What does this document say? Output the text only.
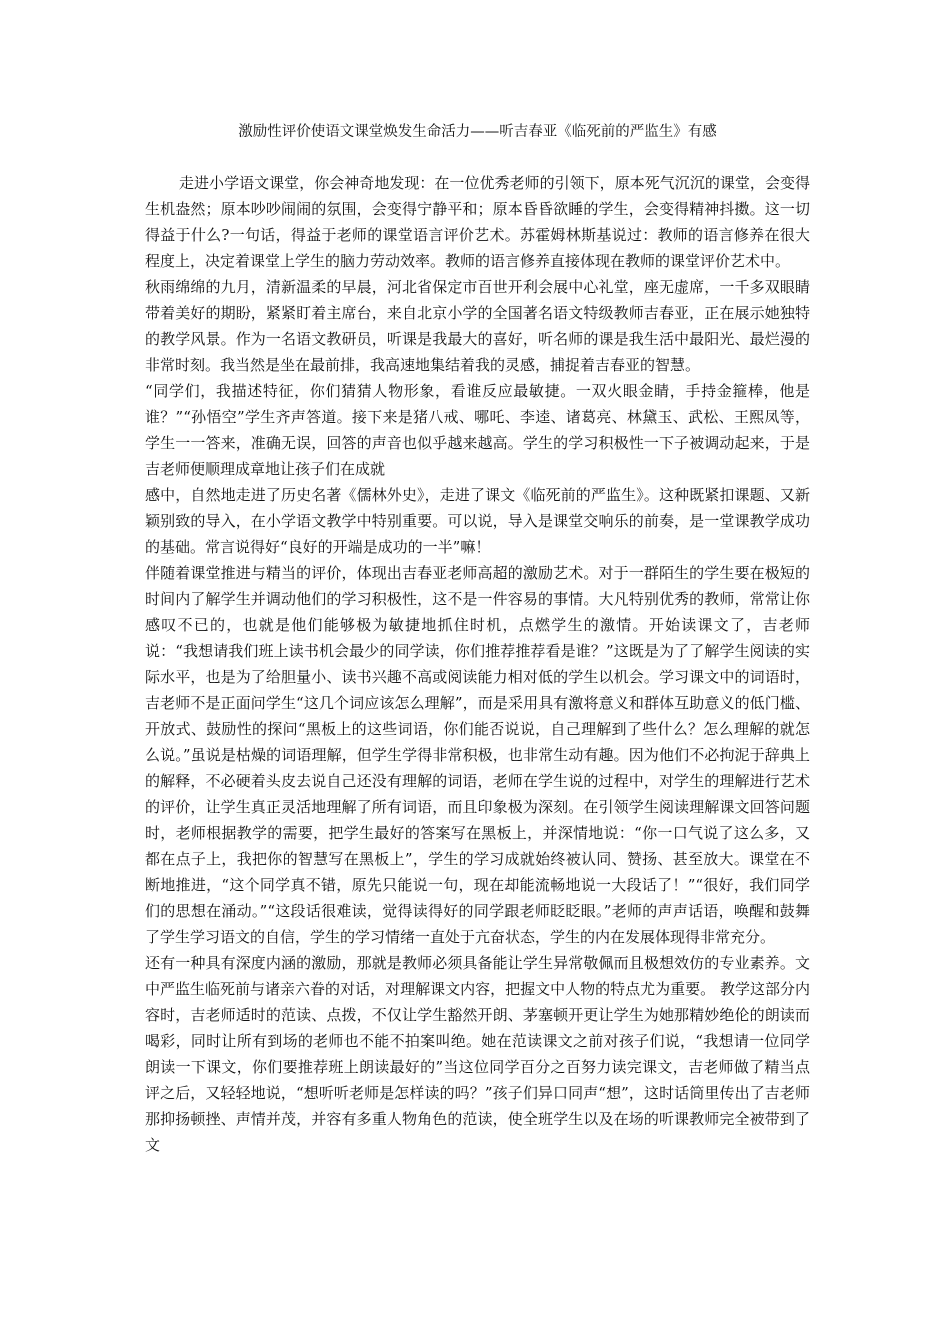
激励性评价使语文课堂焕发生命活力——听吉春亚《临死前的严监生》有感

走进小学语文课堂，你会神奇地发现：在一位优秀老师的引领下，原本死气沉沉的课堂，会变得生机盎然；原本吵吵闹闹的氛围，会变得宁静平和；原本昏昏欲睡的学生，会变得精神抖擞。这一切得益于什么?一句话，得益于老师的课堂语言评价艺术。苏霍姆林斯基说过：教师的语言修养在很大程度上，决定着课堂上学生的脑力劳动效率。教师的语言修养直接体现在教师的课堂评价艺术中。

秋雨绵绵的九月，清新温柔的早晨，河北省保定市百世开利会展中心礼堂，座无虚席，一千多双眼睛带着美好的期盼，紧紧盯着主席台，来自北京小学的全国著名语文特级教师吉春亚，正在展示她独特的教学风景。作为一名语文教研员，听课是我最大的喜好，听名师的课是我生活中最阳光、最烂漫的非常时刻。我当然是坐在最前排，我高速地集结着我的灵感，捕捉着吉春亚的智慧。

“同学们，我描述特征，你们猜猜人物形象，看谁反应最敏捷。一双火眼金睛，手持金箍棒，他是谁？”“孙悟空”学生齐声答道。接下来是猪八戒、哪吒、李逵、诸葛亮、林黛玉、武松、王熙凤等，学生一一答来，准确无误，回答的声音也似乎越来越高。学生的学习积极性一下子被调动起来，于是吉老师便顺理成章地让孩子们在成就

感中，自然地走进了历史名著《儒林外史》，走进了课文《临死前的严监生》。这种既紧扣课题、又新颖别致的导入，在小学语文教学中特别重要。可以说，导入是课堂交响乐的前奏，是一堂课教学成功的基础。常言说得好“良好的开端是成功的一半”嘛！

伴随着课堂推进与精当的评价，体现出吉春亚老师高超的激励艺术。对于一群陌生的学生要在极短的时间内了解学生并调动他们的学习积极性，这不是一件容易的事情。大凡特别优秀的教师，常常让你感叹不已的，也就是他们能够极为敏捷地抓住时机，点燃学生的激情。开始读课文了，吉老师说：“我想请我们班上读书机会最少的同学读，你们推荐推荐看是谁？”这既是为了了解学生阅读的实际水平，也是为了给胆量小、读书兴趣不高或阅读能力相对低的学生以机会。学习课文中的词语时，吉老师不是正面问学生“这几个词应该怎么理解”，而是采用具有激将意义和群体互助意义的低门槛、开放式、鼓励性的探问“黑板上的这些词语，你们能否说说，自己理解到了些什么？怎么理解的就怎么说。”虽说是枯燥的词语理解，但学生学得非常积极，也非常生动有趣。因为他们不必拘泥于辞典上的解释，不必硬着头皮去说自己还没有理解的词语，老师在学生说的过程中，对学生的理解进行艺术的评价，让学生真正灵活地理解了所有词语，而且印象极为深刻。在引领学生阅读理解课文回答问题时，老师根据教学的需要，把学生最好的答案写在黑板上，并深情地说：“你一口气说了这么多，又都在点子上，我把你的智慧写在黑板上”，学生的学习成就始终被认同、赞扬、甚至放大。课堂在不断地推进，“这个同学真不错，原先只能说一句，现在却能流畅地说一大段话了！”“很好，我们同学们的思想在涌动。”“这段话很难读，觉得读得好的同学跟老师眨眨眼。”老师的声声话语，唤醒和鼓舞了学生学习语文的自信，学生的学习情绪一直处于亢奋状态，学生的内在发展体现得非常充分。

还有一种具有深度内涵的激励，那就是教师必须具备能让学生异常敬佩而且极想效仿的专业素养。文中严监生临死前与诸亲六眷的对话，对理解课文内容，把握文中人物的特点尤为重要。 教学这部分内容时，吉老师适时的范读、点拨，不仅让学生豁然开朗、茅塞顿开更让学生为她那精妙绝伦的朗读而喝彩，同时让所有到场的老师也不能不拍案叫绝。她在范读课文之前对孩子们说，“我想请一位同学朗读一下课文，你们要推荐班上朗读最好的”当这位同学百分之百努力读完课文，吉老师做了精当点评之后，又轻轻地说，“想听听老师是怎样读的吗？”孩子们异口同声“想”，这时话筒里传出了吉老师那抑扬顿挫、声情并茂，并容有多重人物角色的范读，使全班学生以及在场的听课教师完全被带到了文
